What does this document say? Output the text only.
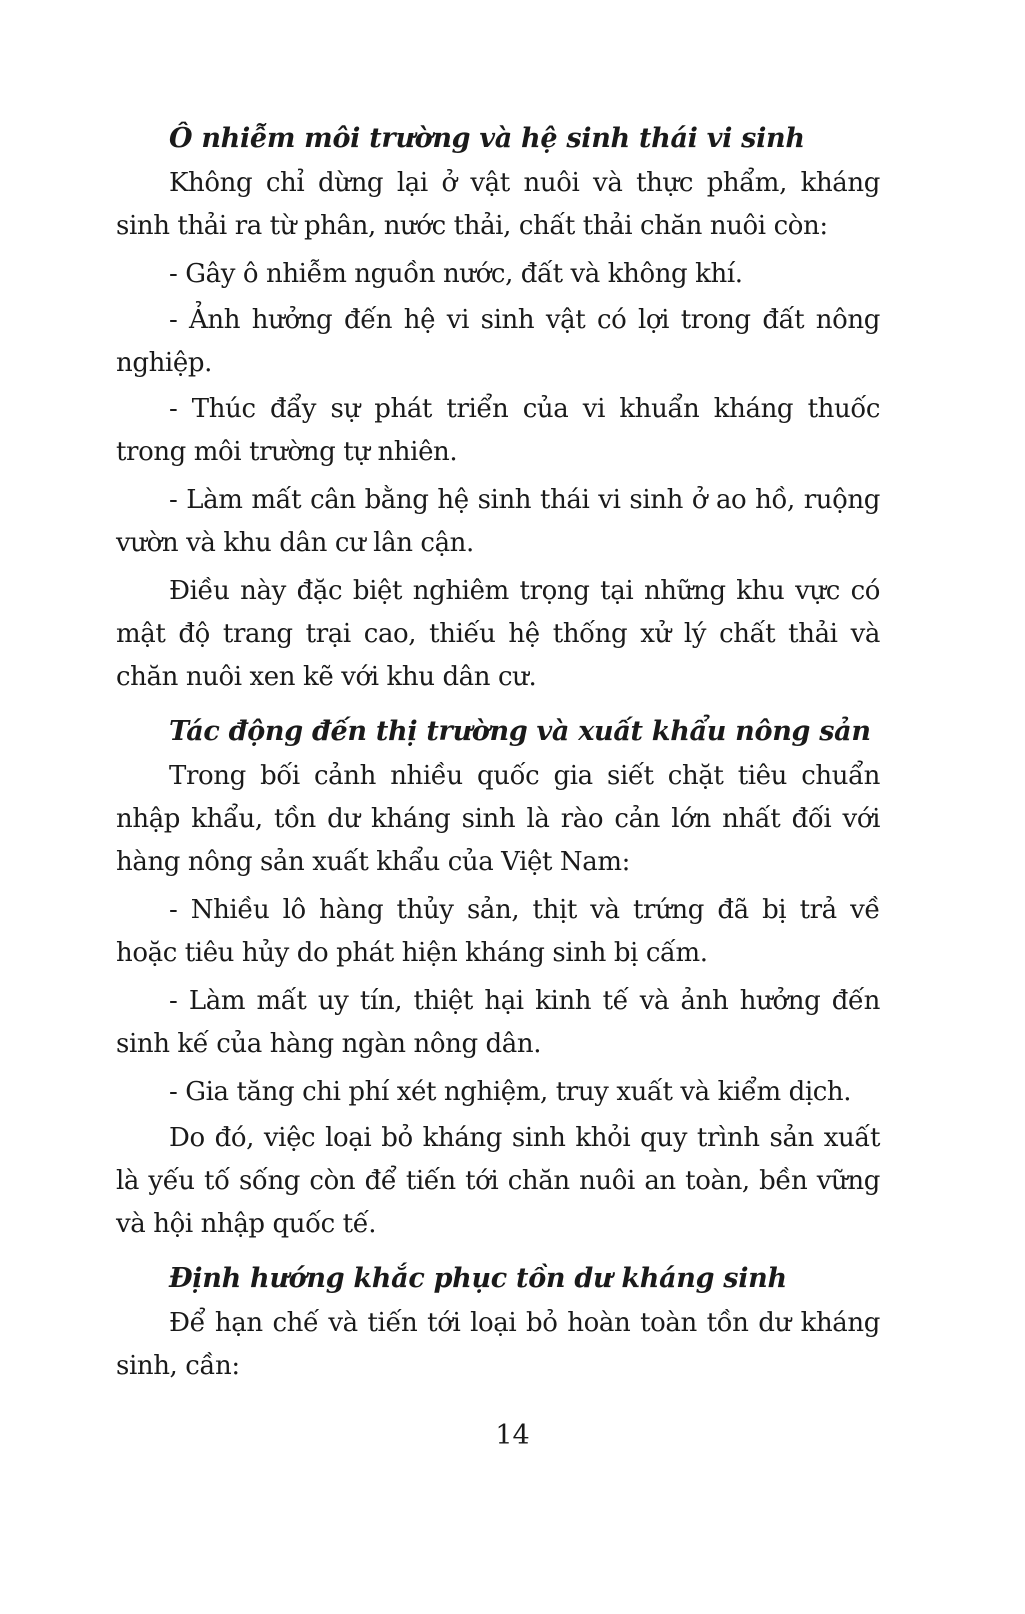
Ô nhiễm môi trường và hệ sinh thái vi sinh

Không chỉ dừng lại ở vật nuôi và thực phẩm, kháng sinh thải ra từ phân, nước thải, chất thải chăn nuôi còn:

- Gây ô nhiễm nguồn nước, đất và không khí.

- Ảnh hưởng đến hệ vi sinh vật có lợi trong đất nông nghiệp.

- Thúc đẩy sự phát triển của vi khuẩn kháng thuốc trong môi trường tự nhiên.

- Làm mất cân bằng hệ sinh thái vi sinh ở ao hồ, ruộng vườn và khu dân cư lân cận.

Điều này đặc biệt nghiêm trọng tại những khu vực có mật độ trang trại cao, thiếu hệ thống xử lý chất thải và chăn nuôi xen kẽ với khu dân cư.

Tác động đến thị trường và xuất khẩu nông sản

Trong bối cảnh nhiều quốc gia siết chặt tiêu chuẩn nhập khẩu, tồn dư kháng sinh là rào cản lớn nhất đối với hàng nông sản xuất khẩu của Việt Nam:

- Nhiều lô hàng thủy sản, thịt và trứng đã bị trả về hoặc tiêu hủy do phát hiện kháng sinh bị cấm.

- Làm mất uy tín, thiệt hại kinh tế và ảnh hưởng đến sinh kế của hàng ngàn nông dân.

- Gia tăng chi phí xét nghiệm, truy xuất và kiểm dịch.

Do đó, việc loại bỏ kháng sinh khỏi quy trình sản xuất là yếu tố sống còn để tiến tới chăn nuôi an toàn, bền vững và hội nhập quốc tế.

Định hướng khắc phục tồn dư kháng sinh

Để hạn chế và tiến tới loại bỏ hoàn toàn tồn dư kháng sinh, cần:

14
